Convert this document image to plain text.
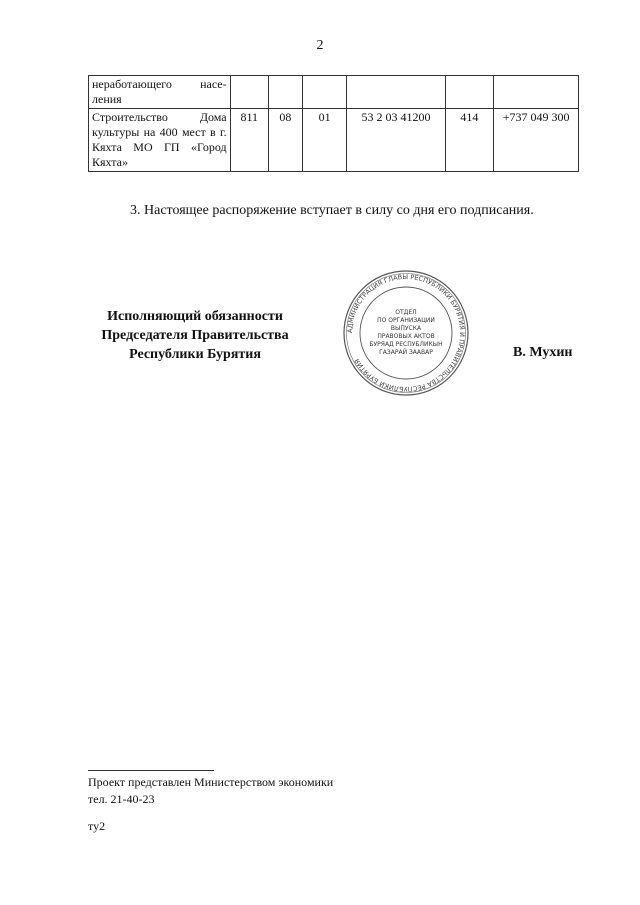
2
неработающего насе-ления						
Строительство Дома культуры на 400 мест в г. Кяхта МО ГП «Город Кяхта»	811	08	01	53 2 03 41200	414	+737 049 300
3. Настоящее распоряжение вступает в силу со дня его подписания.
Исполняющий обязанности
Председателя Правительства
Республики Бурятия
АДМИНИСТРАЦИЯ ГЛАВЫ РЕСПУБЛИКИ БУРЯТИЯ И ПРАВИТЕЛЬСТВА РЕСПУБЛИКИ БУРЯТИЯ
ОТДЕЛ
ПО ОРГАНИЗАЦИИ
ВЫПУСКА
ПРАВОВЫХ АКТОВ
БУРЯАД РЕСПУБЛИКЫН
ГАЗАРАЙ ЗААВАР	В. Мухин
Проект представлен Министерством экономики
тел. 21-40-23
ту2
